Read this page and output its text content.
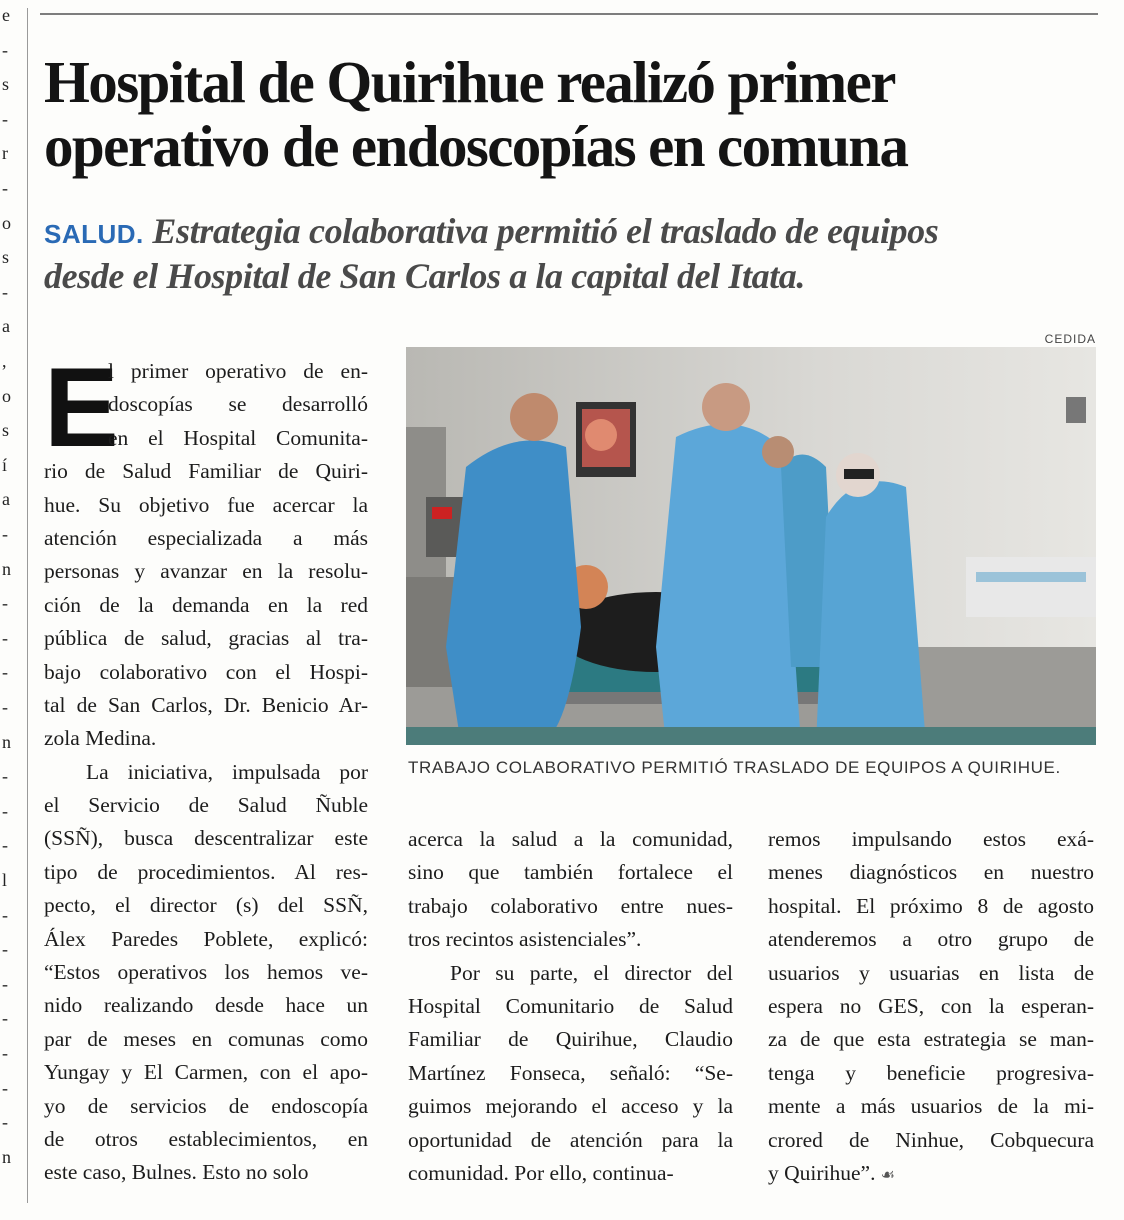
e
-
s
-
r
-
o
s
-
a
,
o
s
í
a
-
n
-
-
-
-
n
-
-
-
l
-
-
-
-
-
-
-
n
Hospital de Quirihue realizó primer
operativo de endoscopías en comuna

SALUD. Estrategia colaborativa permitió el traslado de equipos
desde el Hospital de San Carlos a la capital del Itata.

CEDIDA
TRABAJO COLABORATIVO PERMITIÓ TRASLADO DE EQUIPOS A QUIRIHUE.
E
l primer operativo de en-
doscopías se desarrolló
en el Hospital Comunita-
rio de Salud Familiar de Quiri-
hue. Su objetivo fue acercar la
atención especializada a más
personas y avanzar en la resolu-
ción de la demanda en la red
pública de salud, gracias al tra-
bajo colaborativo con el Hospi-
tal de San Carlos, Dr. Benicio Ar-
zola Medina.
La iniciativa, impulsada por
el Servicio de Salud Ñuble
(SSÑ), busca descentralizar este
tipo de procedimientos. Al res-
pecto, el director (s) del SSÑ,
Álex Paredes Poblete, explicó:
“Estos operativos los hemos ve-
nido realizando desde hace un
par de meses en comunas como
Yungay y El Carmen, con el apo-
yo de servicios de endoscopía
de otros establecimientos, en
este caso, Bulnes. Esto no solo
acerca la salud a la comunidad,
sino que también fortalece el
trabajo colaborativo entre nues-
tros recintos asistenciales”.
Por su parte, el director del
Hospital Comunitario de Salud
Familiar de Quirihue, Claudio
Martínez Fonseca, señaló: “Se-
guimos mejorando el acceso y la
oportunidad de atención para la
comunidad. Por ello, continua-
remos impulsando estos exá-
menes diagnósticos en nuestro
hospital. El próximo 8 de agosto
atenderemos a otro grupo de
usuarios y usuarias en lista de
espera no GES, con la esperan-
za de que esta estrategia se man-
tenga y beneficie progresiva-
mente a más usuarios de la mi-
crored de Ninhue, Cobquecura
y Quirihue”. ☙
